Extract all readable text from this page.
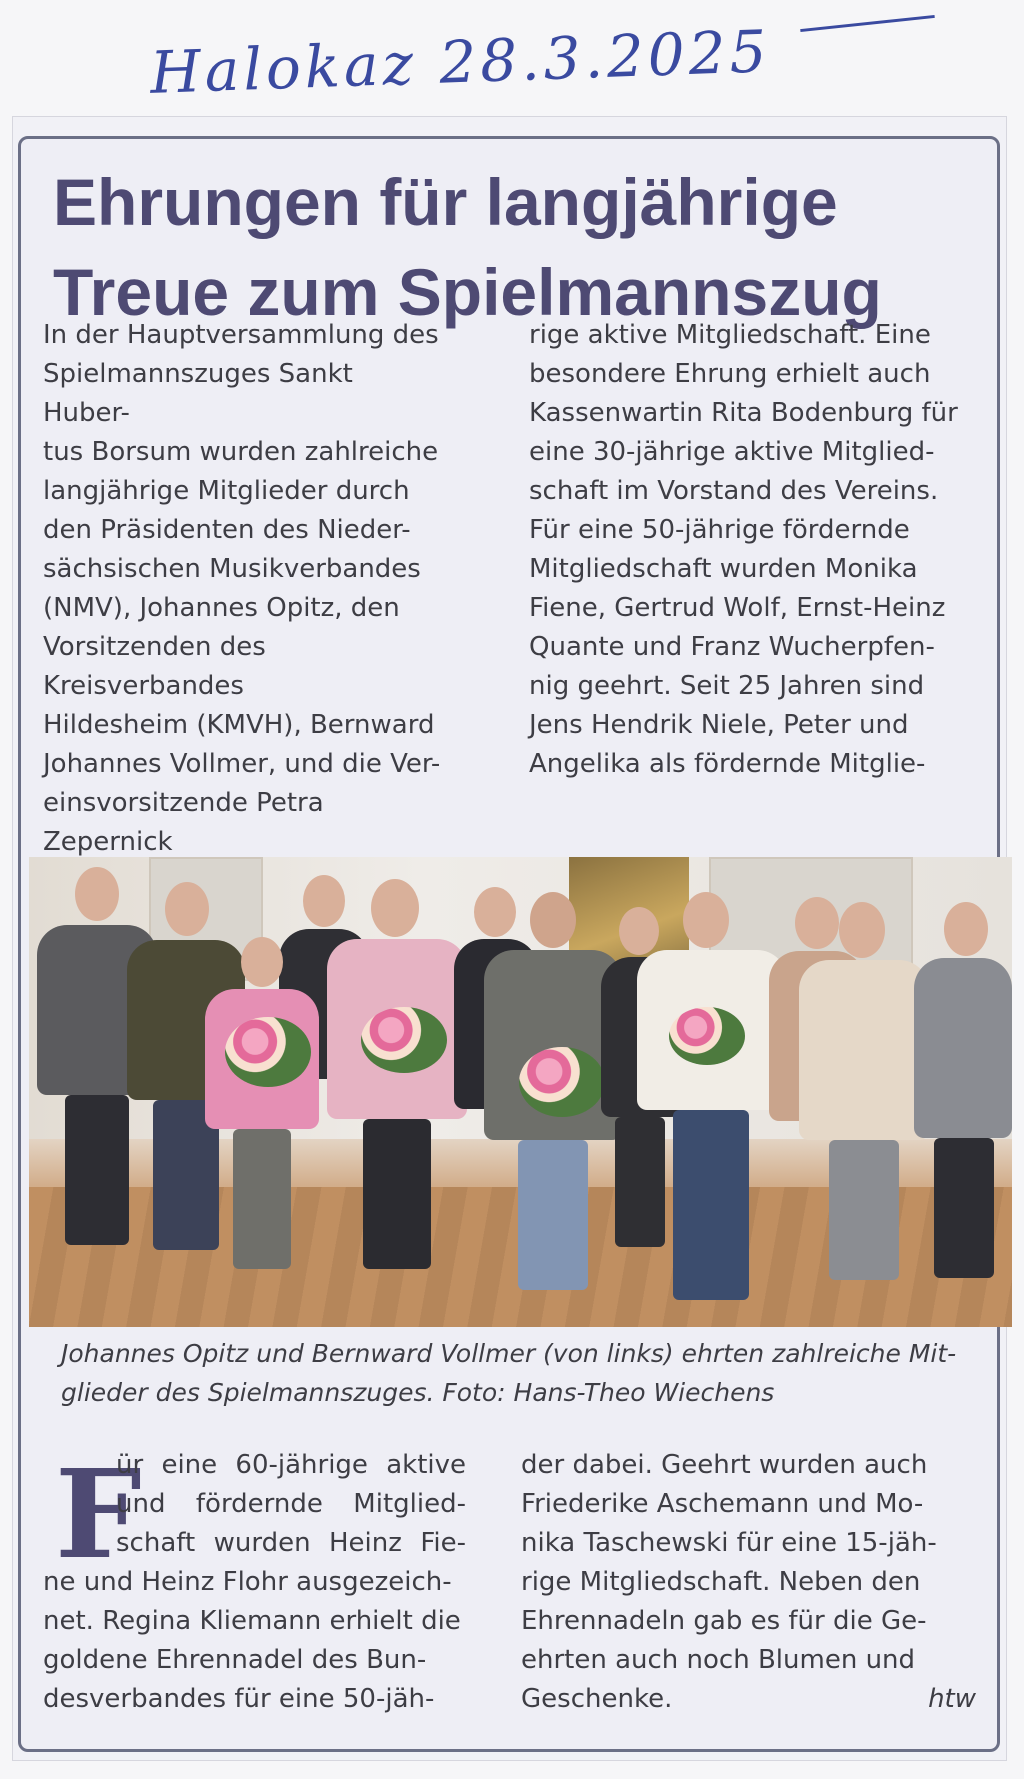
Halokaz 28.3.2025
Ehrungen für langjährige
Treue zum Spielmannszug

In der Hauptversammlung des
Spielmannszuges Sankt Huber-
tus Borsum wurden zahlreiche
langjährige Mitglieder durch
den Präsidenten des Nieder-
sächsischen Musikverbandes
(NMV), Johannes Opitz, den
Vorsitzenden des Kreisverbandes
Hildesheim (KMVH), Bernward
Johannes Vollmer, und die Ver-
einsvorsitzende Petra Zepernick

rige aktive Mitgliedschaft. Eine
besondere Ehrung erhielt auch
Kassenwartin Rita Bodenburg für
eine 30-jährige aktive Mitglied-
schaft im Vorstand des Vereins.
Für eine 50-jährige fördernde
Mitgliedschaft wurden Monika
Fiene, Gertrud Wolf, Ernst-Heinz
Quante und Franz Wucherpfen-
nig geehrt. Seit 25 Jahren sind
Jens Hendrik Niele, Peter und
Angelika als fördernde Mitglie-

Johannes Opitz und Bernward Vollmer (von links) ehrten zahlreiche Mit-
glieder des Spielmannszuges. Foto: Hans-Theo Wiechens

F

ür eine 60-jährige aktive
und fördernde Mitglied-
schaft wurden Heinz Fie-

ne und Heinz Flohr ausgezeich-
net. Regina Kliemann erhielt die
goldene Ehrennadel des Bun-
desverbandes für eine 50-jäh-

der dabei. Geehrt wurden auch
Friederike Aschemann und Mo-
nika Taschewski für eine 15-jäh-
rige Mitgliedschaft. Neben den
Ehrennadeln gab es für die Ge-
ehrten auch noch Blumen und
Geschenke.	htw
